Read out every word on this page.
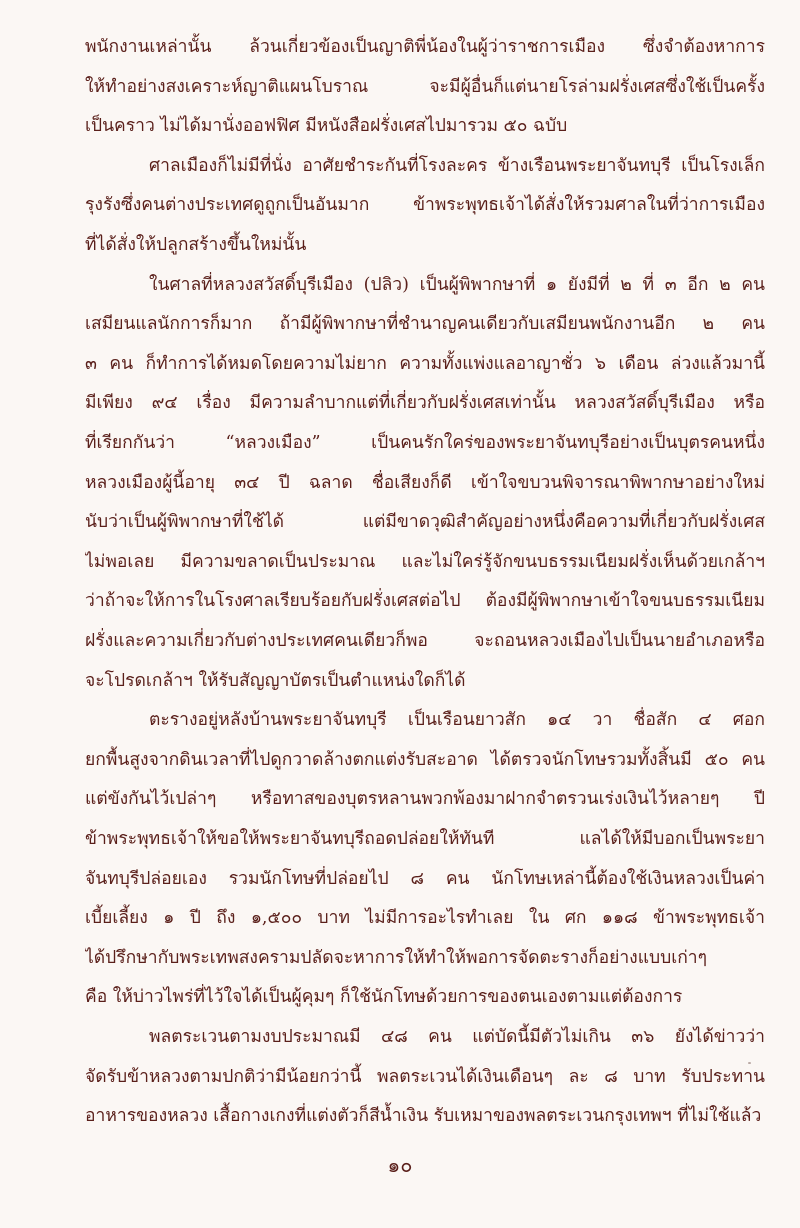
พนักงานเหล่านั้น ล้วนเกี่ยวข้องเป็นญาติพี่น้องในผู้ว่าราชการเมือง ซึ่งจำต้องหาการ

ให้ทำอย่างสงเคราะห์ญาติแผนโบราณ จะมีผู้อื่นก็แต่นายโรล่ามฝรั่งเศสซึ่งใช้เป็นครั้ง

เป็นคราว ไม่ได้มานั่งออฟฟิศ มีหนังสือฝรั่งเศสไปมารวม ๕๐ ฉบับ

ศาลเมืองก็ไม่มีที่นั่ง อาศัยชำระกันที่โรงละคร ข้างเรือนพระยาจันทบุรี เป็นโรงเล็ก

รุงรังซึ่งคนต่างประเทศดูถูกเป็นอันมาก ข้าพระพุทธเจ้าได้สั่งให้รวมศาลในที่ว่าการเมือง

ที่ได้สั่งให้ปลูกสร้างขึ้นใหม่นั้น

ในศาลที่หลวงสวัสดิ์บุรีเมือง (ปลิว) เป็นผู้พิพากษาที่ ๑ ยังมีที่ ๒ ที่ ๓ อีก ๒ คน

เสมียนแลนักการก็มาก ถ้ามีผู้พิพากษาที่ชำนาญคนเดียวกับเสมียนพนักงานอีก ๒ คน

๓ คน ก็ทำการได้หมดโดยความไม่ยาก ความทั้งแพ่งแลอาญาชั่ว ๖ เดือน ล่วงแล้วมานี้

มีเพียง ๙๔ เรื่อง มีความลำบากแต่ที่เกี่ยวกับฝรั่งเศสเท่านั้น หลวงสวัสดิ์บุรีเมือง หรือ

ที่เรียกกันว่า “หลวงเมือง” เป็นคนรักใคร่ของพระยาจันทบุรีอย่างเป็นบุตรคนหนึ่ง

หลวงเมืองผู้นี้อายุ ๓๔ ปี ฉลาด ชื่อเสียงก็ดี เข้าใจขบวนพิจารณาพิพากษาอย่างใหม่

นับว่าเป็นผู้พิพากษาที่ใช้ได้ แต่มีขาดวุฒิสำคัญอย่างหนึ่งคือความที่เกี่ยวกับฝรั่งเศส

ไม่พอเลย มีความขลาดเป็นประมาณ และไม่ใคร่รู้จักขนบธรรมเนียมฝรั่งเห็นด้วยเกล้าฯ

ว่าถ้าจะให้การในโรงศาลเรียบร้อยกับฝรั่งเศสต่อไป ต้องมีผู้พิพากษาเข้าใจขนบธรรมเนียม

ฝรั่งและความเกี่ยวกับต่างประเทศคนเดียวก็พอ จะถอนหลวงเมืองไปเป็นนายอำเภอหรือ

จะโปรดเกล้าฯ ให้รับสัญญาบัตรเป็นตำแหน่งใดก็ได้

ตะรางอยู่หลังบ้านพระยาจันทบุรี เป็นเรือนยาวสัก ๑๔ วา ชื่อสัก ๔ ศอก

ยกพื้นสูงจากดินเวลาที่ไปดูกวาดล้างตกแต่งรับสะอาด ได้ตรวจนักโทษรวมทั้งสิ้นมี ๕๐ คน

แต่ขังกันไว้เปล่าๆ หรือทาสของบุตรหลานพวกพ้องมาฝากจำตรวนเร่งเงินไว้หลายๆ ปี

ข้าพระพุทธเจ้าให้ขอให้พระยาจันทบุรีถอดปล่อยให้ทันที แลได้ให้มีบอกเป็นพระยา

จันทบุรีปล่อยเอง รวมนักโทษที่ปล่อยไป ๘ คน นักโทษเหล่านี้ต้องใช้เงินหลวงเป็นค่า

เบี้ยเลี้ยง ๑ ปี ถึง ๑,๕๐๐ บาท ไม่มีการอะไรทำเลย ใน ศก ๑๑๘ ข้าพระพุทธเจ้า

ได้ปรึกษากับพระเทพสงครามปลัดจะหาการให้ทำให้พอการจัดตะรางก็อย่างแบบเก่าๆ

คือ ให้บ่าวไพร่ที่ไว้ใจได้เป็นผู้คุมๆ ก็ใช้นักโทษด้วยการของตนเองตามแต่ต้องการ

พลตระเวนตามงบประมาณมี ๔๘ คน แต่บัดนี้มีตัวไม่เกิน ๓๖ ยังได้ข่าวว่า

จัดรับข้าหลวงตามปกติว่ามีน้อยกว่านี้ พลตระเวนได้เงินเดือนๆ ละ ๘ บาท รับประทาน

อาหารของหลวง เสื้อกางเกงที่แต่งตัวก็สีน้ำเงิน รับเหมาของพลตระเวนกรุงเทพฯ ที่ไม่ใช้แล้ว

๑๐
